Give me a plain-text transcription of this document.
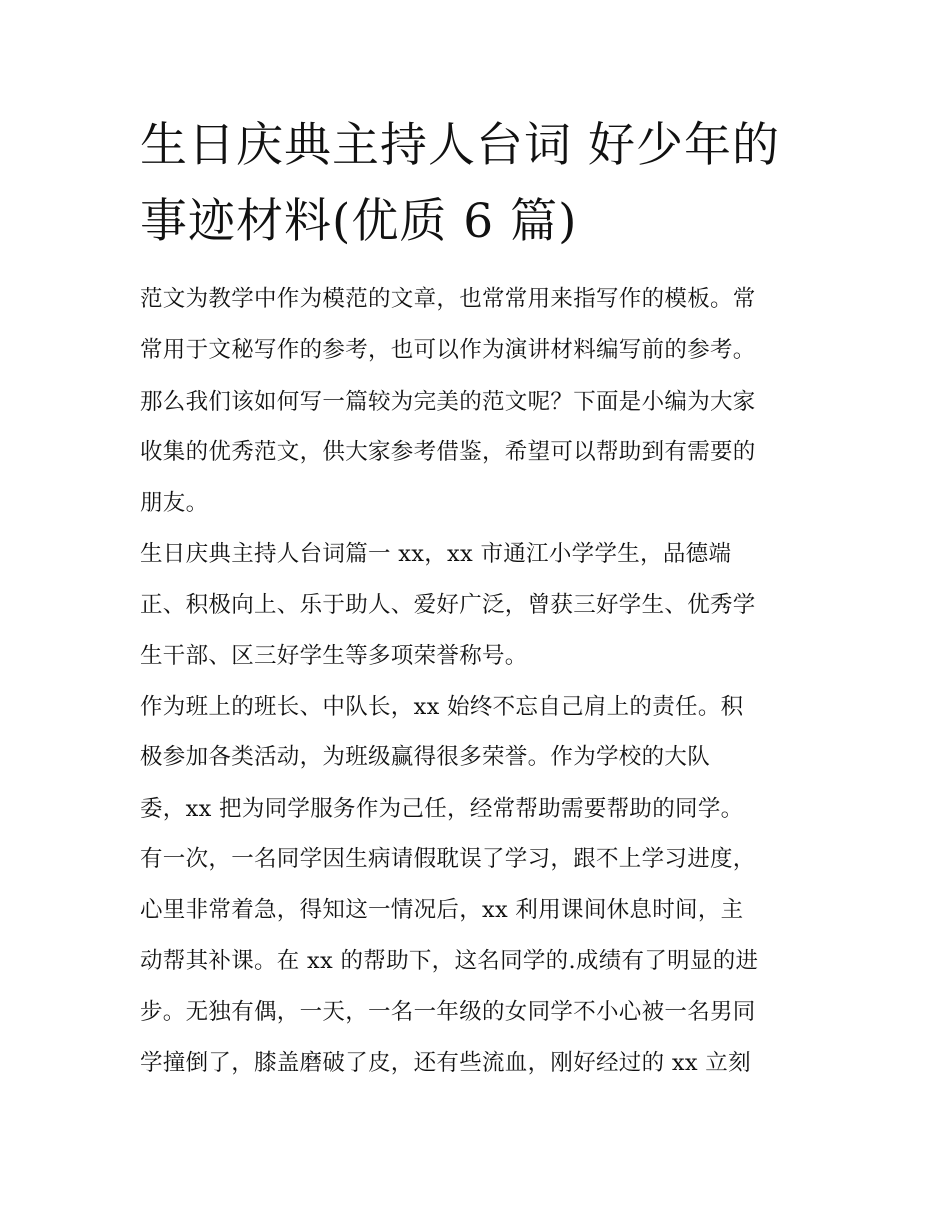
生日庆典主持人台词 好少年的
事迹材料(优质 6 篇)
范文为教学中作为模范的文章，也常常用来指写作的模板。常
常用于文秘写作的参考，也可以作为演讲材料编写前的参考。
那么我们该如何写一篇较为完美的范文呢？下面是小编为大家
收集的优秀范文，供大家参考借鉴，希望可以帮助到有需要的
朋友。
生日庆典主持人台词篇一 xx，xx 市通江小学学生，品德端
正、积极向上、乐于助人、爱好广泛，曾获三好学生、优秀学
生干部、区三好学生等多项荣誉称号。
作为班上的班长、中队长，xx 始终不忘自己肩上的责任。积
极参加各类活动，为班级赢得很多荣誉。作为学校的大队
委，xx 把为同学服务作为己任，经常帮助需要帮助的同学。
有一次，一名同学因生病请假耽误了学习，跟不上学习进度，
心里非常着急，得知这一情况后，xx 利用课间休息时间，主
动帮其补课。在 xx 的帮助下，这名同学的.成绩有了明显的进
步。无独有偶，一天，一名一年级的女同学不小心被一名男同
学撞倒了，膝盖磨破了皮，还有些流血，刚好经过的 xx 立刻
